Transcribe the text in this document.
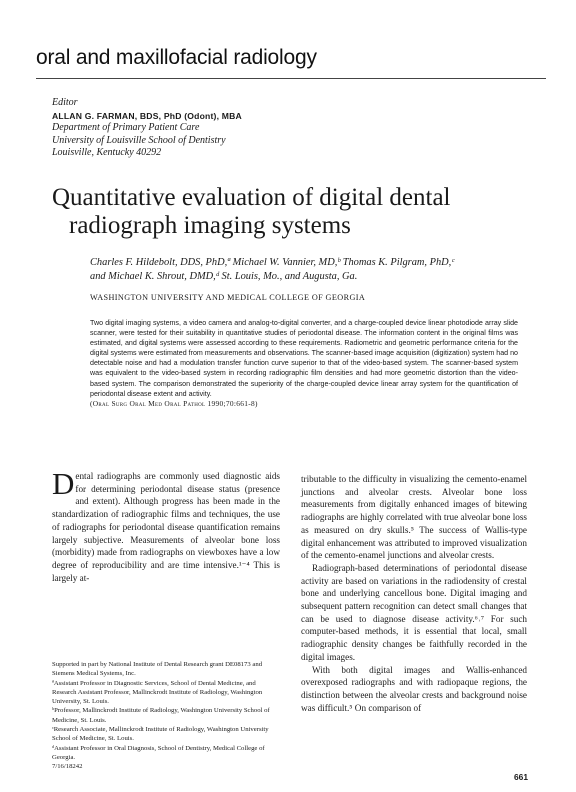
oral and maxillofacial radiology
Editor
ALLAN G. FARMAN, BDS, PhD (Odont), MBA
Department of Primary Patient Care
University of Louisville School of Dentistry
Louisville, Kentucky 40292
Quantitative evaluation of digital dental
radiograph imaging systems
Charles F. Hildebolt, DDS, PhD,ª Michael W. Vannier, MD,ᵇ Thomas K. Pilgram, PhD,ᶜ
and Michael K. Shrout, DMD,ᵈ St. Louis, Mo., and Augusta, Ga.
WASHINGTON UNIVERSITY AND MEDICAL COLLEGE OF GEORGIA
Two digital imaging systems, a video camera and analog-to-digital converter, and a charge-coupled device linear photodiode array slide scanner, were tested for their suitability in quantitative studies of periodontal disease. The information content in the original films was estimated, and digital systems were assessed according to these requirements. Radiometric and geometric performance criteria for the digital systems were estimated from measurements and observations. The scanner-based image acquisition (digitization) system had no detectable noise and had a modulation transfer function curve superior to that of the video-based system. The scanner-based system was equivalent to the video-based system in recording radiographic film densities and had more geometric distortion than the video-based system. The comparison demonstrated the superiority of the charge-coupled device linear array system for the quantification of periodontal disease extent and activity.
(Oral Surg Oral Med Oral Pathol 1990;70:661-8)
Dental radiographs are commonly used diagnostic aids for determining periodontal disease status (presence and extent). Although progress has been made in the standardization of radiographic films and techniques, the use of radiographs for periodontal disease quantification remains largely subjective. Measurements of alveolar bone loss (morbidity) made from radiographs on viewboxes have a low degree of reproducibility and are time intensive.¹⁻⁴ This is largely at-

tributable to the difficulty in visualizing the cemento-enamel junctions and alveolar crests. Alveolar bone loss measurements from digitally enhanced images of bitewing radiographs are highly correlated with true alveolar bone loss as measured on dry skulls.⁵ The success of Wallis-type digital enhancement was attributed to improved visualization of the cemento-enamel junctions and alveolar crests.

Radiograph-based determinations of periodontal disease activity are based on variations in the radiodensity of crestal bone and underlying cancellous bone. Digital imaging and subsequent pattern recognition can detect small changes that can be used to diagnose disease activity.⁶˒⁷ For such computer-based methods, it is essential that local, small radiographic density changes be faithfully recorded in the digital images.

With both digital images and Wallis-enhanced overexposed radiographs and with radiopaque regions, the distinction between the alveolar crests and background noise was difficult.⁵ On comparison of

Supported in part by National Institute of Dental Research grant DE08173 and Siemens Medical Systems, Inc.
ªAssistant Professor in Diagnostic Services, School of Dental Medicine, and Research Assistant Professor, Mallinckrodt Institute of Radiology, Washington University, St. Louis.
ᵇProfessor, Mallinckrodt Institute of Radiology, Washington University School of Medicine, St. Louis.
ᶜResearch Associate, Mallinckrodt Institute of Radiology, Washington University School of Medicine, St. Louis.
ᵈAssistant Professor in Oral Diagnosis, School of Dentistry, Medical College of Georgia.
7/16/18242
661
